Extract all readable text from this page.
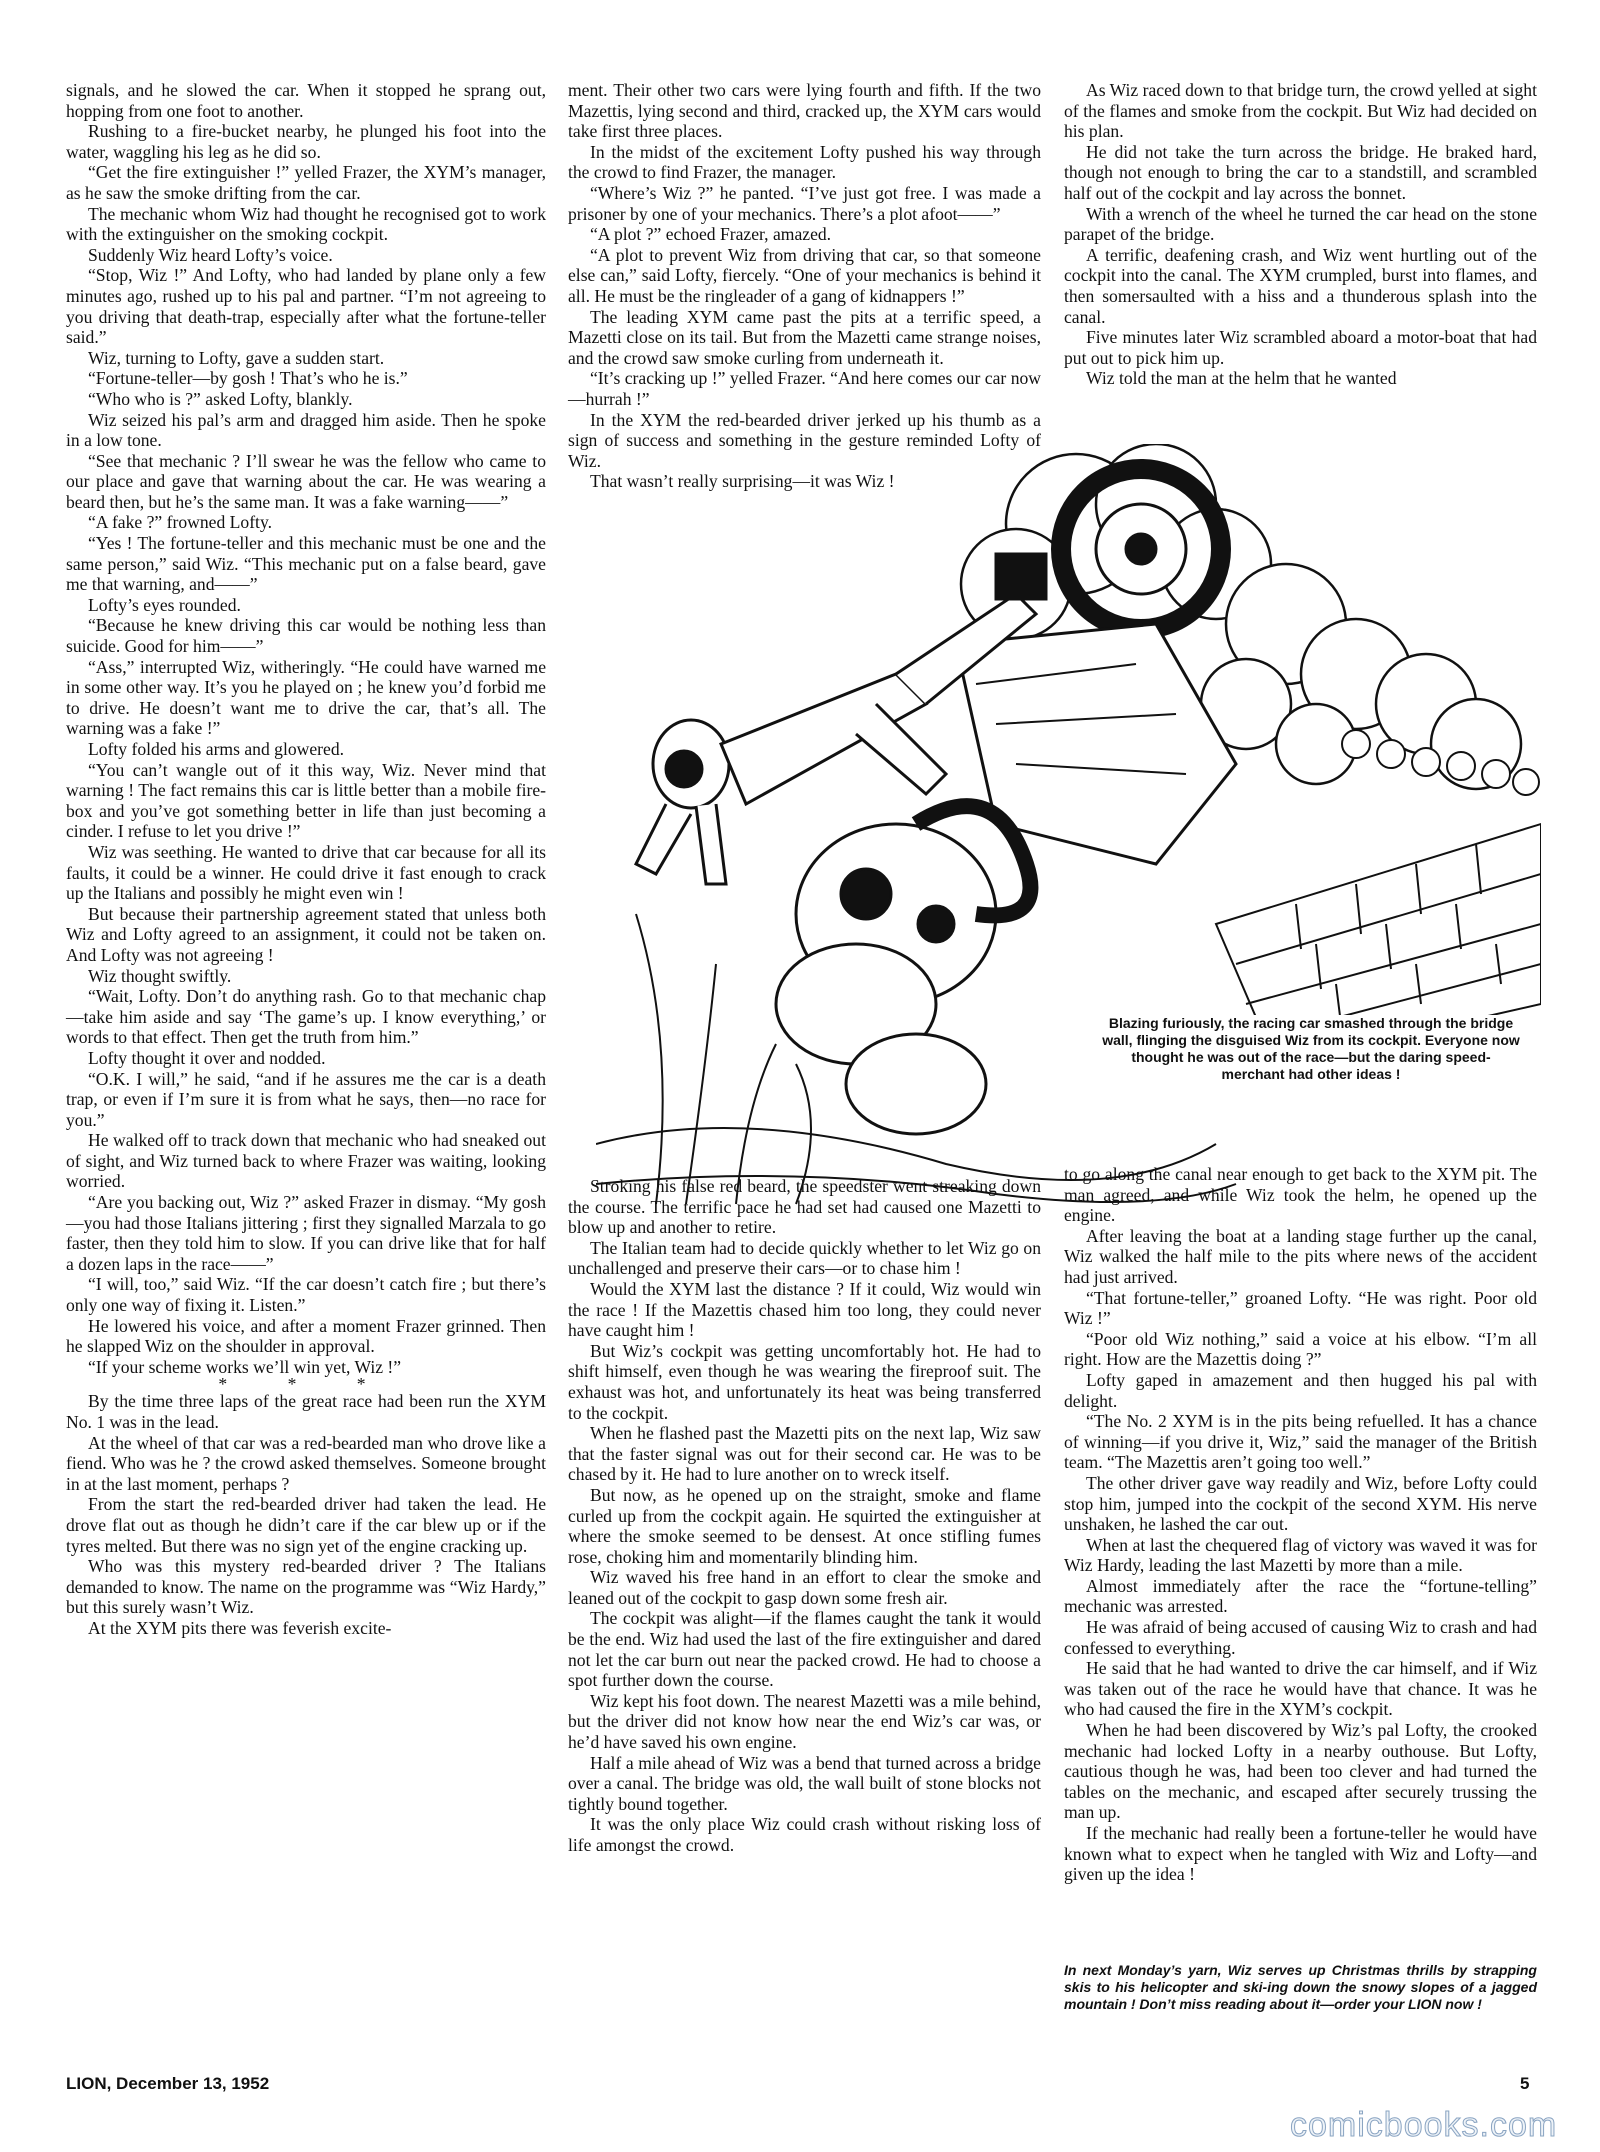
signals, and he slowed the car. When it stopped he sprang out, hopping from one foot to another.

Rushing to a fire-bucket nearby, he plunged his foot into the water, waggling his leg as he did so.

“Get the fire extinguisher !” yelled Frazer, the XYM’s manager, as he saw the smoke drifting from the car.

The mechanic whom Wiz had thought he recognised got to work with the extinguisher on the smoking cockpit.

Suddenly Wiz heard Lofty’s voice.

“Stop, Wiz !” And Lofty, who had landed by plane only a few minutes ago, rushed up to his pal and partner. “I’m not agreeing to you driving that death-trap, especially after what the fortune-teller said.”

Wiz, turning to Lofty, gave a sudden start.

“Fortune-teller—by gosh ! That’s who he is.”

“Who who is ?” asked Lofty, blankly.

Wiz seized his pal’s arm and dragged him aside. Then he spoke in a low tone.

“See that mechanic ? I’ll swear he was the fellow who came to our place and gave that warning about the car. He was wearing a beard then, but he’s the same man. It was a fake warning——”

“A fake ?” frowned Lofty.

“Yes ! The fortune-teller and this mechanic must be one and the same person,” said Wiz. “This mechanic put on a false beard, gave me that warning, and——”

Lofty’s eyes rounded.

“Because he knew driving this car would be nothing less than suicide. Good for him——”

“Ass,” interrupted Wiz, witheringly. “He could have warned me in some other way. It’s you he played on ; he knew you’d forbid me to drive. He doesn’t want me to drive the car, that’s all. The warning was a fake !”

Lofty folded his arms and glowered.

“You can’t wangle out of it this way, Wiz. Never mind that warning ! The fact remains this car is little better than a mobile fire-box and you’ve got something better in life than just becoming a cinder. I refuse to let you drive !”

Wiz was seething. He wanted to drive that car because for all its faults, it could be a winner. He could drive it fast enough to crack up the Italians and possibly he might even win !

But because their partnership agreement stated that unless both Wiz and Lofty agreed to an assignment, it could not be taken on. And Lofty was not agreeing !

Wiz thought swiftly.

“Wait, Lofty. Don’t do anything rash. Go to that mechanic chap—take him aside and say ‘The game’s up. I know everything,’ or words to that effect. Then get the truth from him.”

Lofty thought it over and nodded.

“O.K. I will,” he said, “and if he assures me the car is a death trap, or even if I’m sure it is from what he says, then—no race for you.”

He walked off to track down that mechanic who had sneaked out of sight, and Wiz turned back to where Frazer was waiting, looking worried.

“Are you backing out, Wiz ?” asked Frazer in dismay. “My gosh—you had those Italians jittering ; first they signalled Marzala to go faster, then they told him to slow. If you can drive like that for half a dozen laps in the race——”

“I will, too,” said Wiz. “If the car doesn’t catch fire ; but there’s only one way of fixing it. Listen.”

He lowered his voice, and after a moment Frazer grinned. Then he slapped Wiz on the shoulder in approval.

“If your scheme works we’ll win yet, Wiz !”

* * *

By the time three laps of the great race had been run the XYM No. 1 was in the lead.

At the wheel of that car was a red-bearded man who drove like a fiend. Who was he ? the crowd asked themselves. Someone brought in at the last moment, perhaps ?

From the start the red-bearded driver had taken the lead. He drove flat out as though he didn’t care if the car blew up or if the tyres melted. But there was no sign yet of the engine cracking up.

Who was this mystery red-bearded driver ? The Italians demanded to know. The name on the programme was “Wiz Hardy,” but this surely wasn’t Wiz.

At the XYM pits there was feverish excite-

ment. Their other two cars were lying fourth and fifth. If the two Mazettis, lying second and third, cracked up, the XYM cars would take first three places.

In the midst of the excitement Lofty pushed his way through the crowd to find Frazer, the manager.

“Where’s Wiz ?” he panted. “I’ve just got free. I was made a prisoner by one of your mechanics. There’s a plot afoot——”

“A plot ?” echoed Frazer, amazed.

“A plot to prevent Wiz from driving that car, so that someone else can,” said Lofty, fiercely. “One of your mechanics is behind it all. He must be the ringleader of a gang of kidnappers !”

The leading XYM came past the pits at a terrific speed, a Mazetti close on its tail. But from the Mazetti came strange noises, and the crowd saw smoke curling from underneath it.

“It’s cracking up !” yelled Frazer. “And here comes our car now—hurrah !”

In the XYM the red-bearded driver jerked up his thumb as a sign of success and something in the gesture reminded Lofty of Wiz.

That wasn’t really surprising—it was Wiz !

Blazing furiously, the racing car smashed through the bridge wall, flinging the disguised Wiz from its cockpit. Everyone now thought he was out of the race—but the daring speed-merchant had other ideas !

As Wiz raced down to that bridge turn, the crowd yelled at sight of the flames and smoke from the cockpit. But Wiz had decided on his plan.

He did not take the turn across the bridge. He braked hard, though not enough to bring the car to a standstill, and scrambled half out of the cockpit and lay across the bonnet.

With a wrench of the wheel he turned the car head on the stone parapet of the bridge.

A terrific, deafening crash, and Wiz went hurtling out of the cockpit into the canal. The XYM crumpled, burst into flames, and then somersaulted with a hiss and a thunderous splash into the canal.

Five minutes later Wiz scrambled aboard a motor-boat that had put out to pick him up.

Wiz told the man at the helm that he wanted

Stroking his false red beard, the speedster went streaking down the course. The terrific pace he had set had caused one Mazetti to blow up and another to retire.

The Italian team had to decide quickly whether to let Wiz go on unchallenged and preserve their cars—or to chase him !

Would the XYM last the distance ? If it could, Wiz would win the race ! If the Mazettis chased him too long, they could never have caught him !

But Wiz’s cockpit was getting uncomfortably hot. He had to shift himself, even though he was wearing the fireproof suit. The exhaust was hot, and unfortunately its heat was being transferred to the cockpit.

When he flashed past the Mazetti pits on the next lap, Wiz saw that the faster signal was out for their second car. He was to be chased by it. He had to lure another on to wreck itself.

But now, as he opened up on the straight, smoke and flame curled up from the cockpit again. He squirted the extinguisher at where the smoke seemed to be densest. At once stifling fumes rose, choking him and momentarily blinding him.

Wiz waved his free hand in an effort to clear the smoke and leaned out of the cockpit to gasp down some fresh air.

The cockpit was alight—if the flames caught the tank it would be the end. Wiz had used the last of the fire extinguisher and dared not let the car burn out near the packed crowd. He had to choose a spot further down the course.

Wiz kept his foot down. The nearest Mazetti was a mile behind, but the driver did not know how near the end Wiz’s car was, or he’d have saved his own engine.

Half a mile ahead of Wiz was a bend that turned across a bridge over a canal. The bridge was old, the wall built of stone blocks not tightly bound together.

It was the only place Wiz could crash without risking loss of life amongst the crowd.

to go along the canal near enough to get back to the XYM pit. The man agreed, and while Wiz took the helm, he opened up the engine.

After leaving the boat at a landing stage further up the canal, Wiz walked the half mile to the pits where news of the accident had just arrived.

“That fortune-teller,” groaned Lofty. “He was right. Poor old Wiz !”

“Poor old Wiz nothing,” said a voice at his elbow. “I’m all right. How are the Mazettis doing ?”

Lofty gaped in amazement and then hugged his pal with delight.

“The No. 2 XYM is in the pits being refuelled. It has a chance of winning—if you drive it, Wiz,” said the manager of the British team. “The Mazettis aren’t going too well.”

The other driver gave way readily and Wiz, before Lofty could stop him, jumped into the cockpit of the second XYM. His nerve unshaken, he lashed the car out.

When at last the chequered flag of victory was waved it was for Wiz Hardy, leading the last Mazetti by more than a mile.

Almost immediately after the race the “fortune-telling” mechanic was arrested.

He was afraid of being accused of causing Wiz to crash and had confessed to everything.

He said that he had wanted to drive the car himself, and if Wiz was taken out of the race he would have that chance. It was he who had caused the fire in the XYM’s cockpit.

When he had been discovered by Wiz’s pal Lofty, the crooked mechanic had locked Lofty in a nearby outhouse. But Lofty, cautious though he was, had been too clever and had turned the tables on the mechanic, and escaped after securely trussing the man up.

If the mechanic had really been a fortune-teller he would have known what to expect when he tangled with Wiz and Lofty—and given up the idea !

In next Monday’s yarn, Wiz serves up Christmas thrills by strapping skis to his helicopter and ski-ing down the snowy slopes of a jagged mountain ! Don’t miss reading about it—order your LION now !
LION, December 13, 1952	5
comicbooks.com
